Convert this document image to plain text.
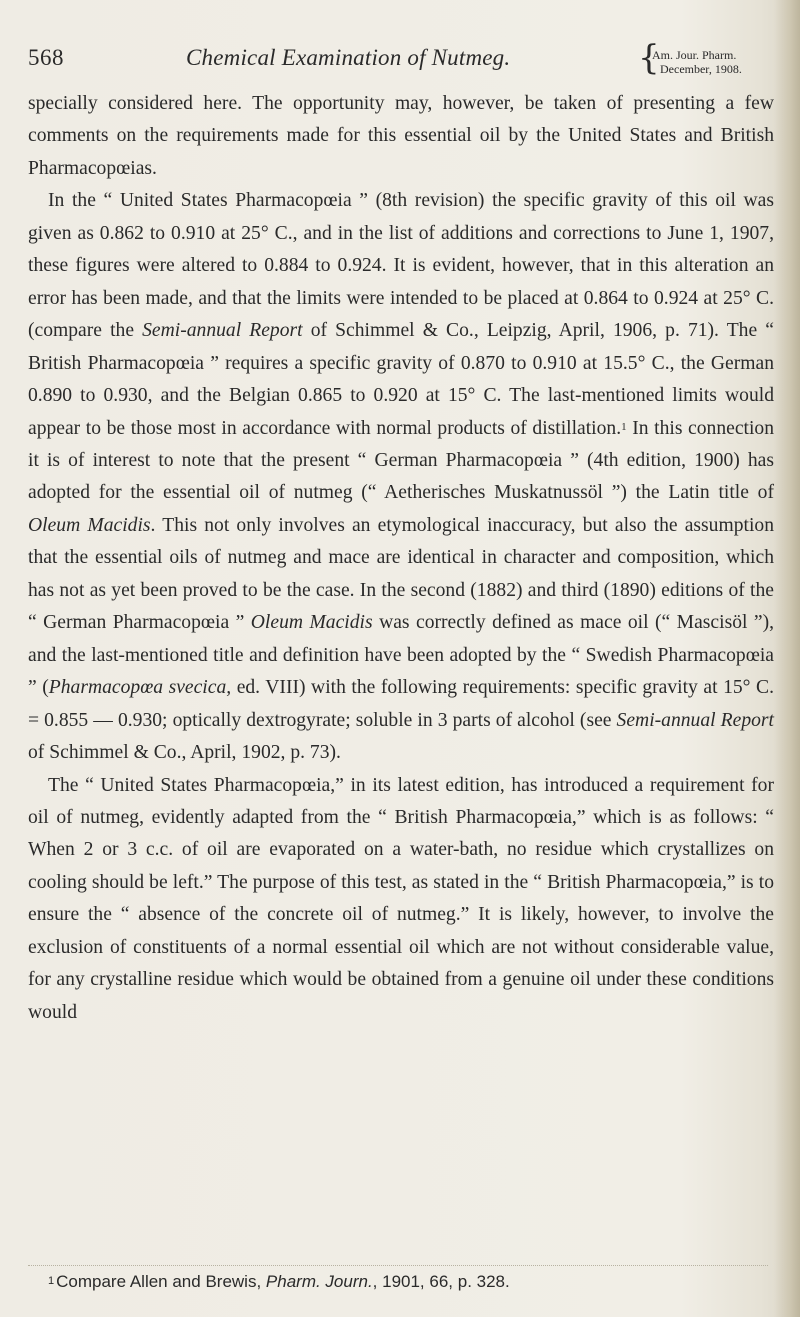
568	Chemical Examination of Nutmeg.	{
Am. Jour. Pharm.
December, 1908.

specially considered here. The opportunity may, however, be taken of presenting a few comments on the requirements made for this essential oil by the United States and British Pharmacopœias.

In the “ United States Pharmacopœia ” (8th revision) the specific gravity of this oil was given as 0.862 to 0.910 at 25° C., and in the list of additions and corrections to June 1, 1907, these figures were altered to 0.884 to 0.924. It is evident, however, that in this alteration an error has been made, and that the limits were intended to be placed at 0.864 to 0.924 at 25° C. (compare the Semi-annual Report of Schimmel & Co., Leipzig, April, 1906, p. 71). The “ British Pharmacopœia ” requires a specific gravity of 0.870 to 0.910 at 15.5° C., the German 0.890 to 0.930, and the Belgian 0.865 to 0.920 at 15° C. The last-mentioned limits would appear to be those most in accordance with normal products of distillation.$^1$ In this connection it is of interest to note that the present “ German Pharmacopœia ” (4th edition, 1900) has adopted for the essential oil of nutmeg (“ Aetherisches Muskatnussöl ”) the Latin title of Oleum Macidis. This not only involves an etymological inaccuracy, but also the assumption that the essential oils of nutmeg and mace are identical in character and composition, which has not as yet been proved to be the case. In the second (1882) and third (1890) editions of the “ German Pharmacopœia ” Oleum Macidis was correctly defined as mace oil (“ Mascisöl ”), and the last-mentioned title and definition have been adopted by the “ Swedish Pharmacopœia ” (Pharmacopœa svecica, ed. VIII) with the following requirements: specific gravity at 15° C. = 0.855 — 0.930; optically dextrogyrate; soluble in 3 parts of alcohol (see Semi-annual Report of Schimmel & Co., April, 1902, p. 73).

The “ United States Pharmacopœia,” in its latest edition, has introduced a requirement for oil of nutmeg, evidently adapted from the “ British Pharmacopœia,” which is as follows: “ When 2 or 3 c.c. of oil are evaporated on a water-bath, no residue which crystallizes on cooling should be left.” The purpose of this test, as stated in the “ British Pharmacopœia,” is to ensure the “ absence of the concrete oil of nutmeg.” It is likely, however, to involve the exclusion of constituents of a normal essential oil which are not without considerable value, for any crystalline residue which would be obtained from a genuine oil under these conditions would

$^1$ Compare Allen and Brewis, Pharm. Journ., 1901, 66, p. 328.
